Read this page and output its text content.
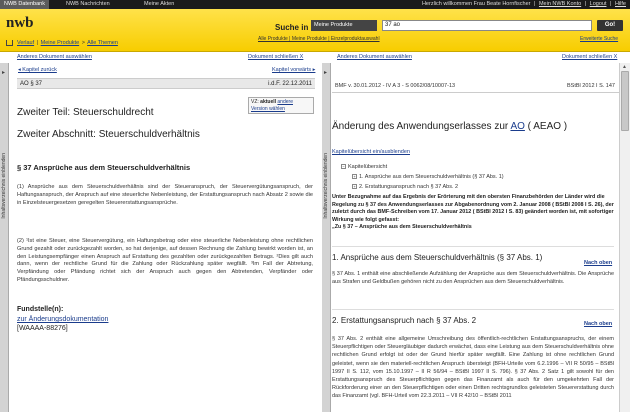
NWB Datenbank	NWB Nachrichten	Meine Akten	Herzlich willkommen Frau Beate Hornfischer | Mein NWB Konto | Logout | Hilfe
nwb
Verlauf | Meine Produkte > Alle Themen
Suche in	Meine Produkte	37 ao	Go!
Alle Produkte | Meine Produkte | Einzelproduktauswahl	Erweiterte Suche
Anderes Dokument auswählen	Dokument schließen X	Anderes Dokument auswählen	Dokument schließen X
▸
Inhaltsverzeichnis einblenden
◂ Kapitel zurück	Kapitel vorwärts ▸
AO § 37	i.d.F. 22.12.2011
VZ: aktuell andere Version wählen
Zweiter Teil: Steuerschuldrecht
Zweiter Abschnitt: Steuerschuldverhältnis
§ 37 Ansprüche aus dem Steuerschuldverhältnis
(1) Ansprüche aus dem Steuerschuldverhältnis sind der Steueranspruch, der Steuervergütungsanspruch, der Haftungsanspruch, der Anspruch auf eine steuerliche Nebenleistung, der Erstattungsanspruch nach Absatz 2 sowie die in Einzelsteuergesetzen geregelten Steuererstattungsansprüche.
(2) ¹Ist eine Steuer, eine Steuervergütung, ein Haftungsbetrag oder eine steuerliche Nebenleistung ohne rechtlichen Grund gezahlt oder zurückgezahlt worden, so hat derjenige, auf dessen Rechnung die Zahlung bewirkt worden ist, an den Leistungsempfänger einen Anspruch auf Erstattung des gezahlten oder zurückgezahlten Betrags. ²Dies gilt auch dann, wenn der rechtliche Grund für die Zahlung oder Rückzahlung später wegfällt. ³Im Fall der Abtretung, Verpfändung oder Pfändung richtet sich der Anspruch auch gegen den Abtretenden, Verpfänder oder Pfändungsschuldner.
Fundstelle(n):
zur Änderungsdokumentation
[WAAAA-88276]
▸
Inhaltsverzeichnis einblenden
BMF v. 30.01.2012 - IV A 3 - S 0062/08/10007-13	BStBl 2012 I S. 147
Änderung des Anwendungserlasses zur AO ( AEAO )
Kapitelübersicht ein/ausblenden
− Kapitelübersicht
+ 1. Ansprüche aus dem Steuerschuldverhältnis (§ 37 Abs. 1)
+ 2. Erstattungsanspruch nach § 37 Abs. 2
Unter Bezugnahme auf das Ergebnis der Erörterung mit den obersten Finanzbehörden der Länder wird die Regelung zu § 37 des Anwendungserlasses zur Abgabenordnung vom 2. Januar 2008 ( BStBl 2008 I S. 26), der zuletzt durch das BMF-Schreiben vom 17. Januar 2012 ( BStBl 2012 I S. 83) geändert worden ist, mit sofortiger Wirkung wie folgt gefasst:
„Zu § 37 – Ansprüche aus dem Steuerschuldverhältnis
1. Ansprüche aus dem Steuerschuldverhältnis (§ 37 Abs. 1)
Nach oben
§ 37 Abs. 1 enthält eine abschließende Aufzählung der Ansprüche aus dem Steuerschuldverhältnis. Die Ansprüche aus Strafen und Geldbußen gehören nicht zu den Ansprüchen aus dem Steuerschuldverhältnis.
2. Erstattungsanspruch nach § 37 Abs. 2	Nach oben
§ 37 Abs. 2 enthält eine allgemeine Umschreibung des öffentlich-rechtlichen Erstattungsanspruchs, der einem Steuerpflichtigen oder Steuergläubiger dadurch erwächst, dass eine Leistung aus dem Steuerschuldverhältnis ohne rechtlichen Grund erfolgt ist oder der Grund hierfür später wegfällt. Eine Zahlung ist ohne rechtlichen Grund geleistet, wenn sie den materiell-rechtlichen Anspruch übersteigt (BFH-Urteile vom 6.2.1996 – VII R 50/95 – BStBl 1997 II S. 112, vom 15.10.1997 – II R 56/94 – BStBl 1997 II S. 796). § 37 Abs. 2 Satz 1 gilt sowohl für den Erstattungsanspruch des Steuerpflichtigen gegen das Finanzamt als auch für den umgekehrten Fall der Rückforderung einer an den Steuerpflichtigen oder einen Dritten rechtsgrundlos geleisteten Steuererstattung durch das Finanzamt (vgl. BFH-Urteil vom 22.3.2011 – VII R 42/10 – BStBl 2011
▲
